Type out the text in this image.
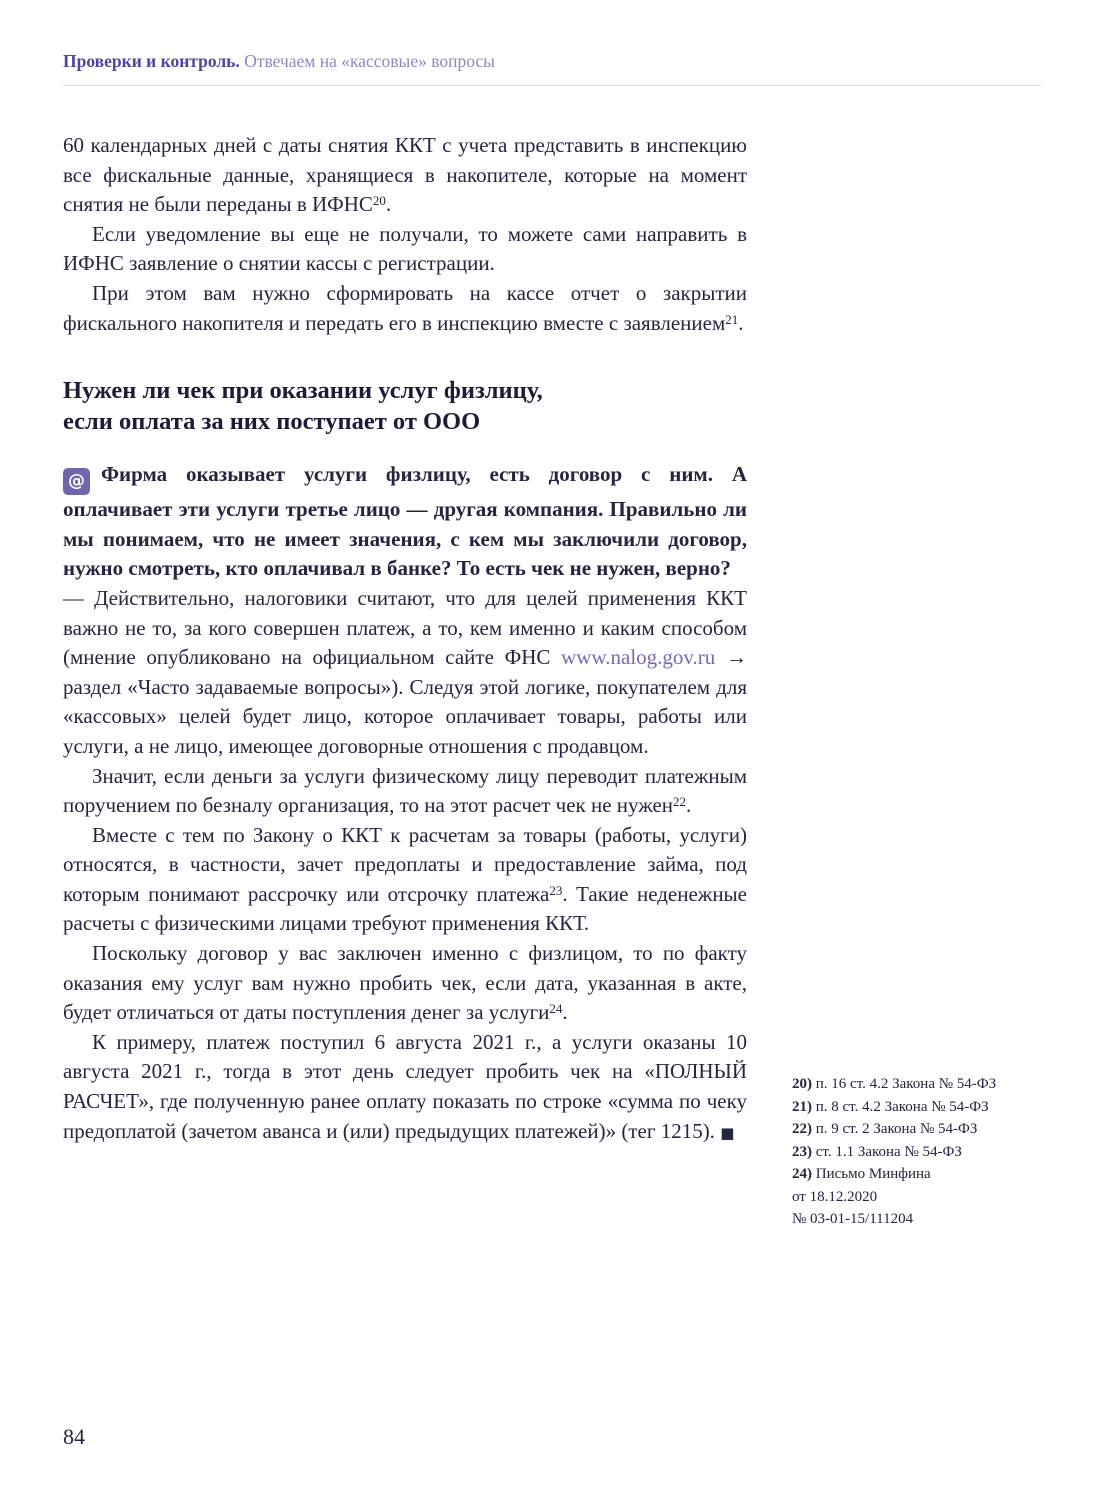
Проверки и контроль. Отвечаем на «кассовые» вопросы

60 календарных дней с даты снятия ККТ с учета представить в инспекцию все фискальные данные, хранящиеся в накопителе, которые на момент снятия не были переданы в ИФНС$^{20}$.

Если уведомление вы еще не получали, то можете сами направить в ИФНС заявление о снятии кассы с регистрации.

При этом вам нужно сформировать на кассе отчет о закрытии фискального накопителя и передать его в инспекцию вместе с заявлением$^{21}$.

Нужен ли чек при оказании услуг физлицу,
если оплата за них поступает от ООО

@ Фирма оказывает услуги физлицу, есть договор с ним. А оплачивает эти услуги третье лицо — другая компания. Правильно ли мы понимаем, что не имеет значения, с кем мы заключили договор, нужно смотреть, кто оплачивал в банке? То есть чек не нужен, верно?

— Действительно, налоговики считают, что для целей применения ККТ важно не то, за кого совершен платеж, а то, кем именно и каким способом (мнение опубликовано на официальном сайте ФНС www.nalog.gov.ru → раздел «Часто задаваемые вопросы»). Следуя этой логике, покупателем для «кассовых» целей будет лицо, которое оплачивает товары, работы или услуги, а не лицо, имеющее договорные отношения с продавцом.

Значит, если деньги за услуги физическому лицу переводит платежным поручением по безналу организация, то на этот расчет чек не нужен$^{22}$.

Вместе с тем по Закону о ККТ к расчетам за товары (работы, услуги) относятся, в частности, зачет предоплаты и предоставление займа, под которым понимают рассрочку или отсрочку платежа$^{23}$. Такие неденежные расчеты с физическими лицами требуют применения ККТ.

Поскольку договор у вас заключен именно с физлицом, то по факту оказания ему услуг вам нужно пробить чек, если дата, указанная в акте, будет отличаться от даты поступления денег за услуги$^{24}$.

К примеру, платеж поступил 6 августа 2021 г., а услуги оказаны 10 августа 2021 г., тогда в этот день следует пробить чек на «ПОЛНЫЙ РАСЧЕТ», где полученную ранее оплату показать по строке «сумма по чеку предоплатой (зачетом аванса и (или) предыдущих платежей)» (тег 1215). ■

20) п. 16 ст. 4.2 Закона № 54-ФЗ

21) п. 8 ст. 4.2 Закона № 54-ФЗ

22) п. 9 ст. 2 Закона № 54-ФЗ

23) ст. 1.1 Закона № 54-ФЗ

24) Письмо Минфина
от 18.12.2020
№ 03-01-15/111204

84
